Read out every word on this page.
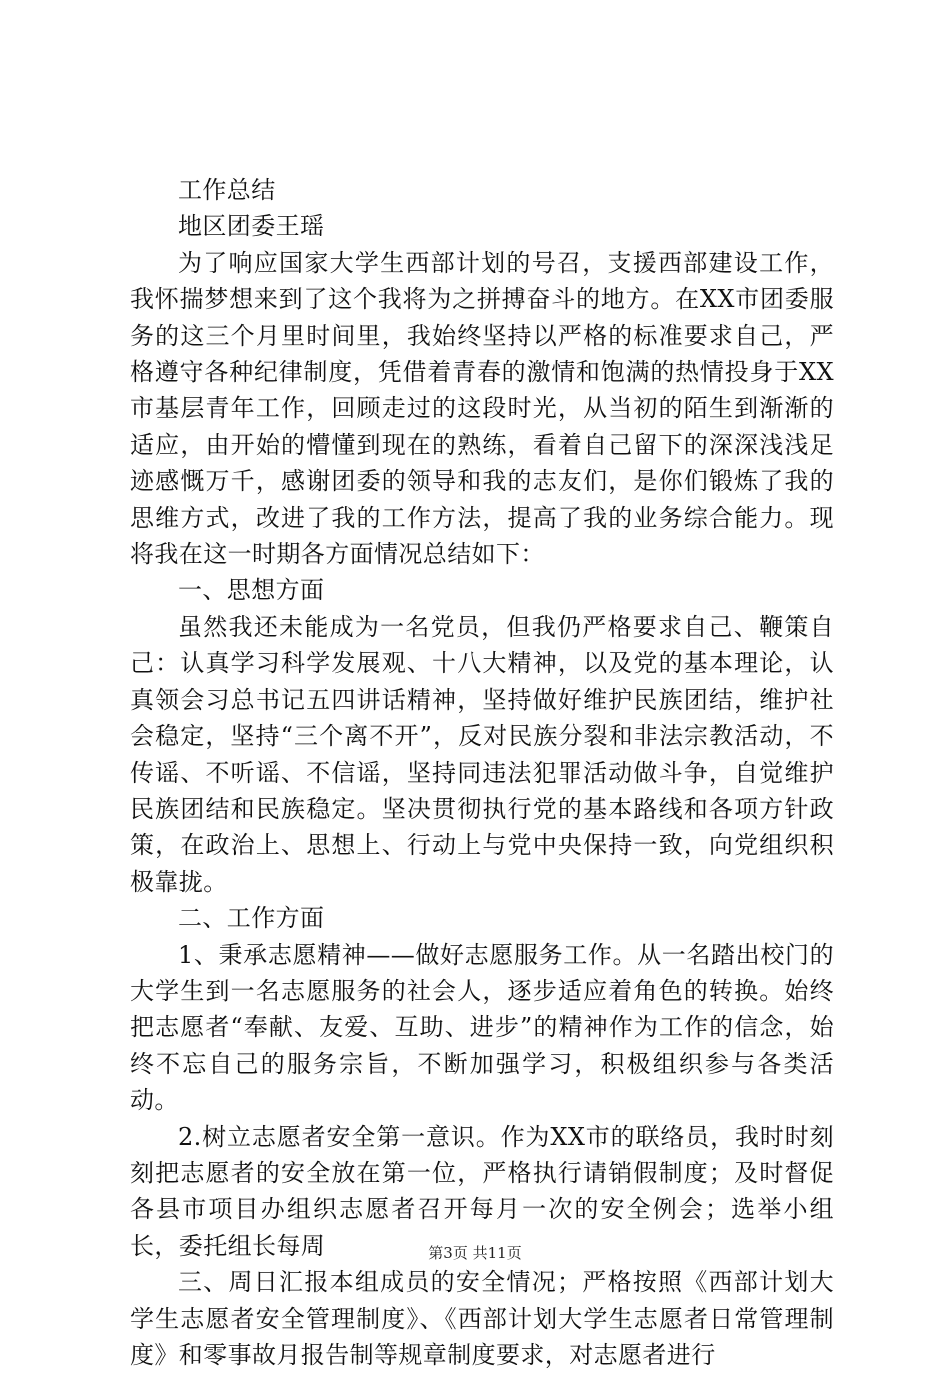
工作总结

地区团委王瑶

为了响应国家大学生西部计划的号召，支援西部建设工作，我怀揣梦想来到了这个我将为之拼搏奋斗的地方。在XX市团委服务的这三个月里时间里，我始终坚持以严格的标准要求自己，严格遵守各种纪律制度，凭借着青春的激情和饱满的热情投身于XX市基层青年工作，回顾走过的这段时光，从当初的陌生到渐渐的适应，由开始的懵懂到现在的熟练，看着自己留下的深深浅浅足迹感慨万千，感谢团委的领导和我的志友们，是你们锻炼了我的思维方式，改进了我的工作方法，提高了我的业务综合能力。现将我在这一时期各方面情况总结如下：

一、思想方面

虽然我还未能成为一名党员，但我仍严格要求自己、鞭策自己：认真学习科学发展观、十八大精神，以及党的基本理论，认真领会习总书记五四讲话精神，坚持做好维护民族团结，维护社会稳定，坚持“三个离不开”，反对民族分裂和非法宗教活动，不传谣、不听谣、不信谣，坚持同违法犯罪活动做斗争，自觉维护民族团结和民族稳定。坚决贯彻执行党的基本路线和各项方针政策，在政治上、思想上、行动上与党中央保持一致，向党组织积极靠拢。

二、工作方面

1、秉承志愿精神——做好志愿服务工作。从一名踏出校门的大学生到一名志愿服务的社会人，逐步适应着角色的转换。始终把志愿者“奉献、友爱、互助、进步”的精神作为工作的信念，始终不忘自己的服务宗旨，不断加强学习，积极组织参与各类活动。

2.树立志愿者安全第一意识。作为XX市的联络员，我时时刻刻把志愿者的安全放在第一位，严格执行请销假制度；及时督促各县市项目办组织志愿者召开每月一次的安全例会；选举小组长，委托组长每周

三、周日汇报本组成员的安全情况；严格按照《西部计划大学生志愿者安全管理制度》、《西部计划大学生志愿者日常管理制度》和零事故月报告制等规章制度要求，对志愿者进行

第3页 共11页
